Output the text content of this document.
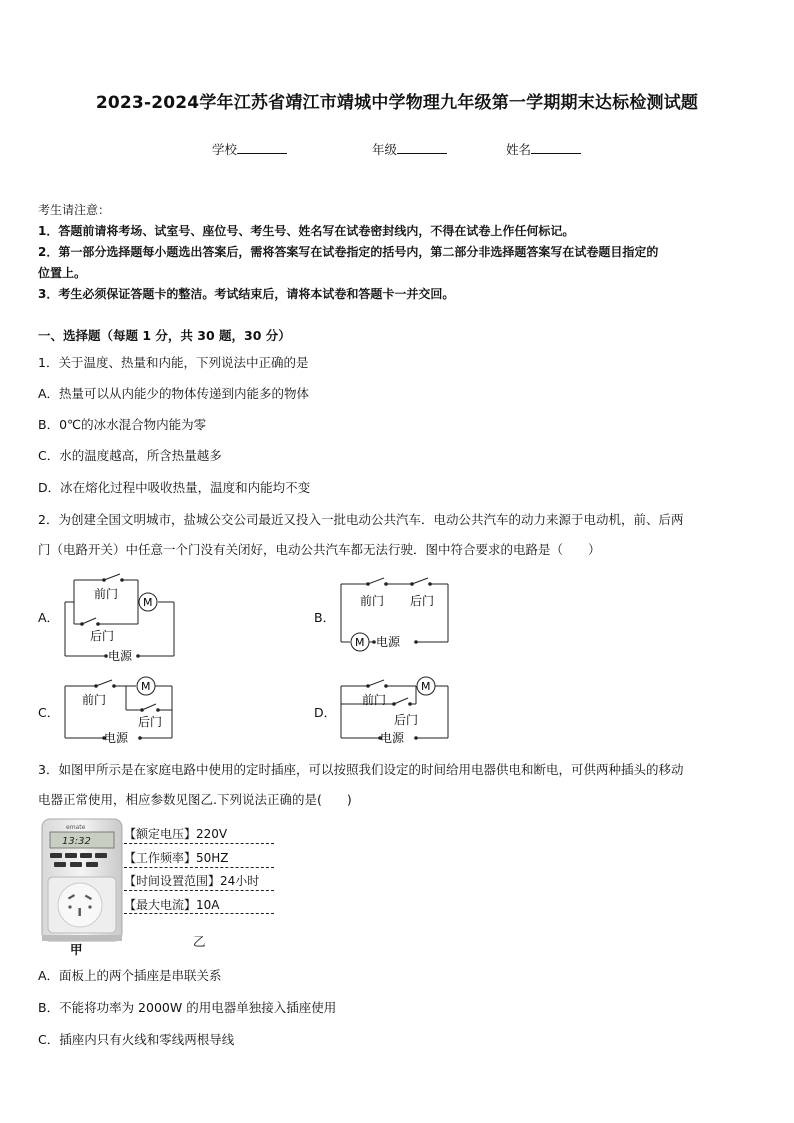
2023-2024学年江苏省靖江市靖城中学物理九年级第一学期期末达标检测试题
学校	年级	姓名
考生请注意：
1．答题前请将考场、试室号、座位号、考生号、姓名写在试卷密封线内，不得在试卷上作任何标记。
2．第一部分选择题每小题选出答案后，需将答案写在试卷指定的括号内，第二部分非选择题答案写在试卷题目指定的
位置上。
3．考生必须保证答题卡的整洁。考试结束后，请将本试卷和答题卡一并交回。
一、选择题（每题 1 分，共 30 题，30 分）
1．关于温度、热量和内能，下列说法中正确的是
A．热量可以从内能少的物体传递到内能多的物体
B．0℃的冰水混合物内能为零
C．水的温度越高，所含热量越多
D．冰在熔化过程中吸收热量，温度和内能均不变
2．为创建全国文明城市，盐城公交公司最近又投入一批电动公共汽车．电动公共汽车的动力来源于电动机，前、后两
门（电路开关）中任意一个门没有关闭好，电动公共汽车都无法行驶．图中符合要求的电路是（　　）
A．
前门
后门
电源
M
B．
前门 后门
电源
M
C．
前门
后门
电源
M
D．
前门
后门
电源
M
3．如图甲所示是在家庭电路中使用的定时插座，可以按照我们设定的时间给用电器供电和断电，可供两种插头的移动
电器正常使用，相应参数见图乙.下列说法正确的是(　　)
emate
13:32
甲
【额定电压】220V
【工作频率】50HZ
【时间设置范围】24小时
【最大电流】10A
乙
A．面板上的两个插座是串联关系
B．不能将功率为 2000W 的用电器单独接入插座使用
C．插座内只有火线和零线两根导线
